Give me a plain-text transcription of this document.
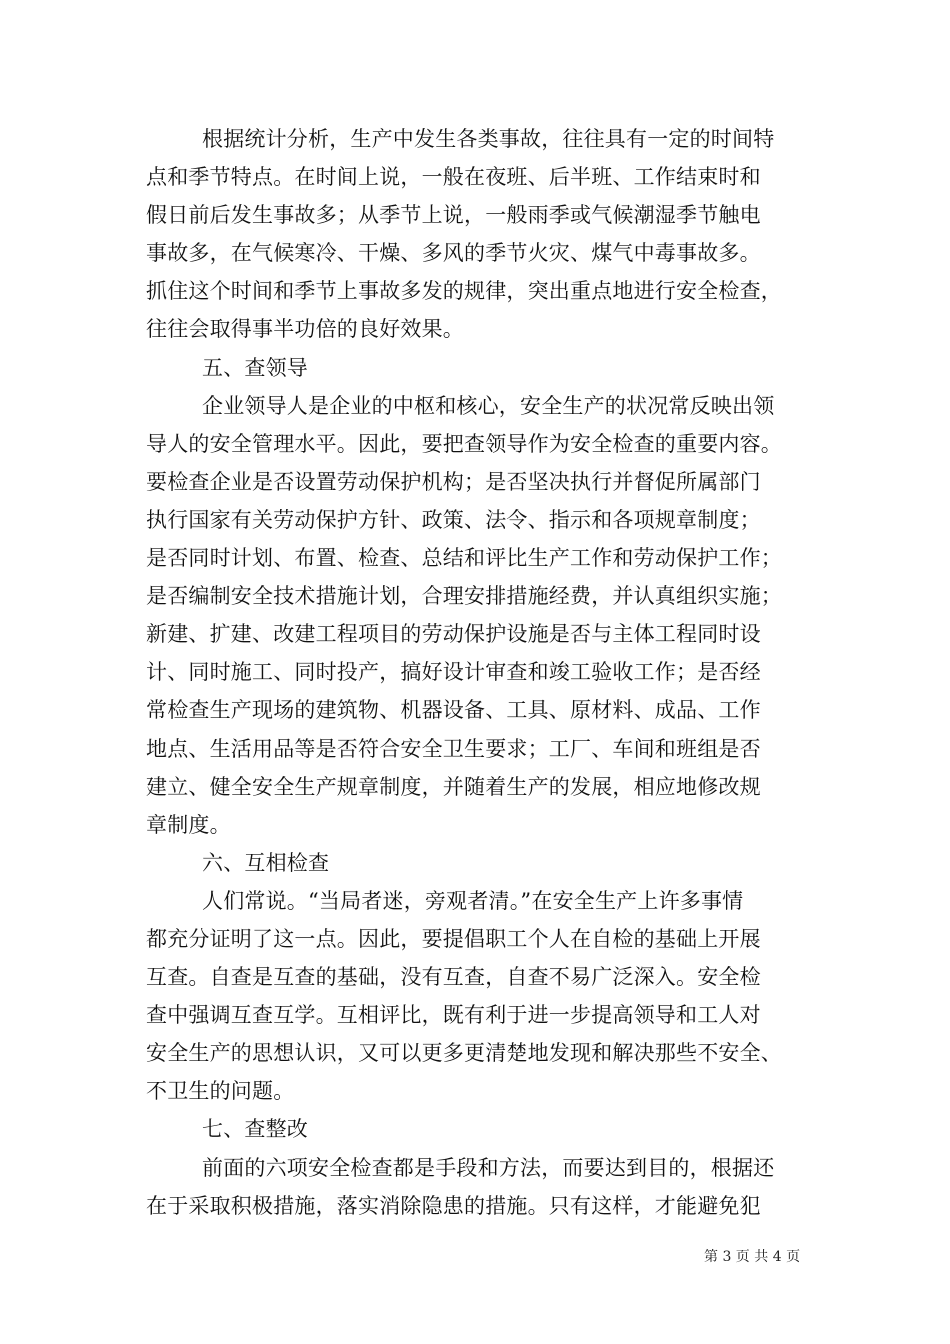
根据统计分析，生产中发生各类事故，往往具有一定的时间特
点和季节特点。在时间上说，一般在夜班、后半班、工作结束时和
假日前后发生事故多；从季节上说，一般雨季或气候潮湿季节触电
事故多，在气候寒冷、干燥、多风的季节火灾、煤气中毒事故多。
抓住这个时间和季节上事故多发的规律，突出重点地进行安全检查，
往往会取得事半功倍的良好效果。
五、查领导
企业领导人是企业的中枢和核心，安全生产的状况常反映出领
导人的安全管理水平。因此，要把查领导作为安全检查的重要内容。
要检查企业是否设置劳动保护机构；是否坚决执行并督促所属部门
执行国家有关劳动保护方针、政策、法令、指示和各项规章制度；
是否同时计划、布置、检查、总结和评比生产工作和劳动保护工作；
是否编制安全技术措施计划，合理安排措施经费，并认真组织实施；
新建、扩建、改建工程项目的劳动保护设施是否与主体工程同时设
计、同时施工、同时投产，搞好设计审查和竣工验收工作；是否经
常检查生产现场的建筑物、机器设备、工具、原材料、成品、工作
地点、生活用品等是否符合安全卫生要求；工厂、车间和班组是否
建立、健全安全生产规章制度，并随着生产的发展，相应地修改规
章制度。
六、互相检查
人们常说。“当局者迷，旁观者清。”在安全生产上许多事情
都充分证明了这一点。因此，要提倡职工个人在自检的基础上开展
互查。自查是互查的基础，没有互查，自查不易广泛深入。安全检
查中强调互查互学。互相评比，既有利于进一步提高领导和工人对
安全生产的思想认识，又可以更多更清楚地发现和解决那些不安全、
不卫生的问题。
七、查整改
前面的六项安全检查都是手段和方法，而要达到目的，根据还
在于采取积极措施，落实消除隐患的措施。只有这样，才能避免犯
第 3 页 共 4 页
